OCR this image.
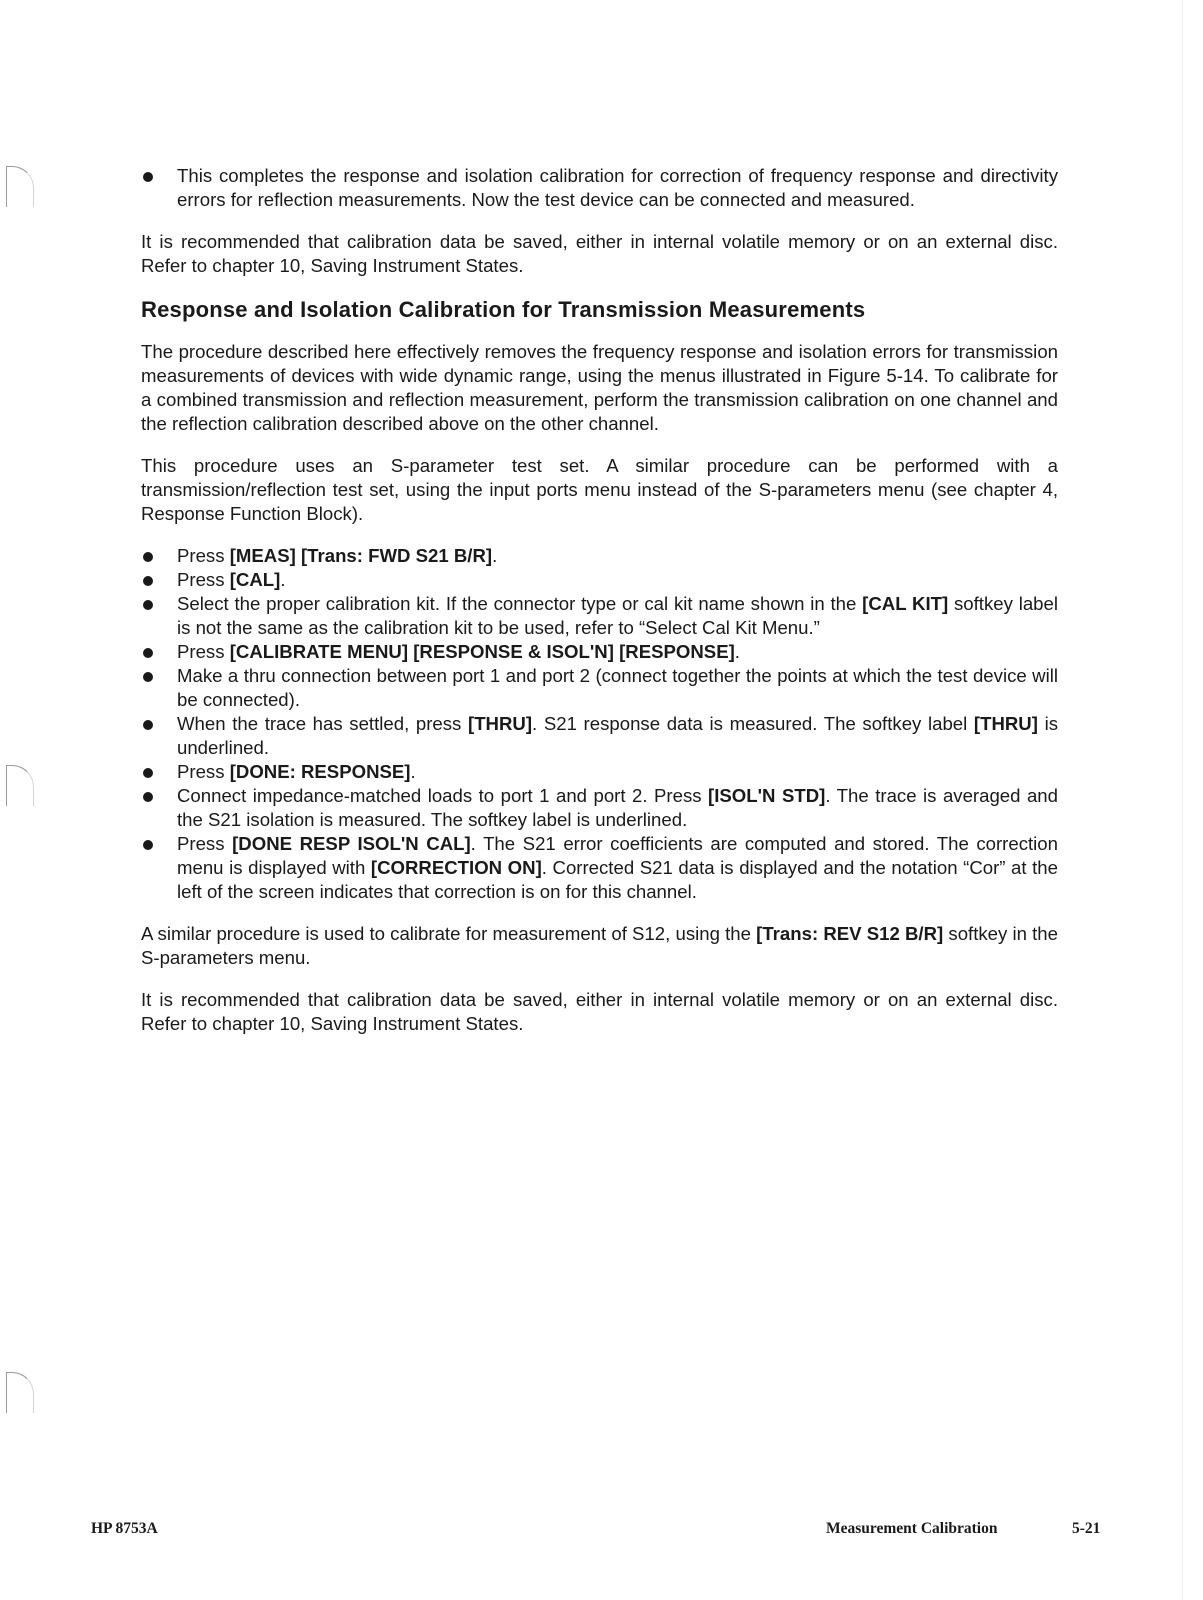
This completes the response and isolation calibration for correction of frequency response and directivity errors for reflection measurements. Now the test device can be connected and measured.

It is recommended that calibration data be saved, either in internal volatile memory or on an external disc. Refer to chapter 10, Saving Instrument States.

Response and Isolation Calibration for Transmission Measurements

The procedure described here effectively removes the frequency response and isolation errors for transmission measurements of devices with wide dynamic range, using the menus illustrated in Figure 5-14. To calibrate for a combined transmission and reflection measurement, perform the transmission calibration on one channel and the reflection calibration described above on the other channel.

This procedure uses an S-parameter test set. A similar procedure can be performed with a transmission/reflection test set, using the input ports menu instead of the S-parameters menu (see chapter 4, Response Function Block).

Press [MEAS] [Trans: FWD S21 B/R].
Press [CAL].
Select the proper calibration kit. If the connector type or cal kit name shown in the [CAL KIT] softkey label is not the same as the calibration kit to be used, refer to “Select Cal Kit Menu.”
Press [CALIBRATE MENU] [RESPONSE & ISOL'N] [RESPONSE].
Make a thru connection between port 1 and port 2 (connect together the points at which the test device will be connected).
When the trace has settled, press [THRU]. S21 response data is measured. The softkey label [THRU] is underlined.
Press [DONE: RESPONSE].
Connect impedance-matched loads to port 1 and port 2. Press [ISOL'N STD]. The trace is averaged and the S21 isolation is measured. The softkey label is underlined.
Press [DONE RESP ISOL'N CAL]. The S21 error coefficients are computed and stored. The correction menu is displayed with [CORRECTION ON]. Corrected S21 data is displayed and the notation “Cor” at the left of the screen indicates that correction is on for this channel.

A similar procedure is used to calibrate for measurement of S12, using the [Trans: REV S12 B/R] softkey in the S-parameters menu.

It is recommended that calibration data be saved, either in internal volatile memory or on an external disc. Refer to chapter 10, Saving Instrument States.

HP 8753A	Measurement Calibration	5-21
